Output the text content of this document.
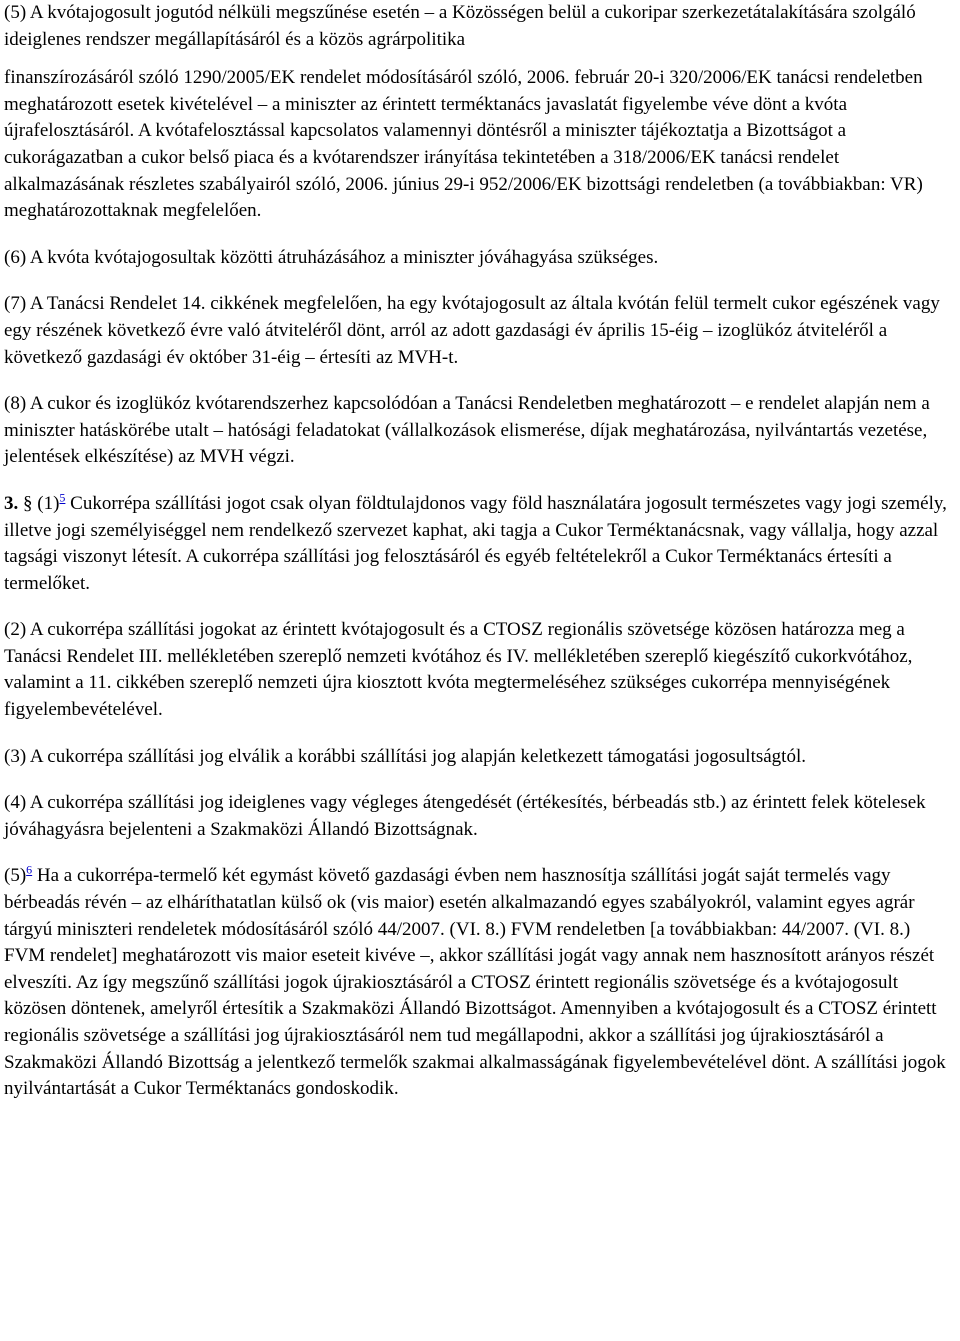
(5) A kvótajogosult jogutód nélküli megszűnése esetén – a Közösségen belül a cukoripar szerkezetátalakítására szolgáló ideiglenes rendszer megállapításáról és a közös agrárpolitika

finanszírozásáról szóló 1290/2005/EK rendelet módosításáról szóló, 2006. február 20-i 320/2006/EK tanácsi rendeletben meghatározott esetek kivételével – a miniszter az érintett terméktanács javaslatát figyelembe véve dönt a kvóta újrafelosztásáról. A kvótafelosztással kapcsolatos valamennyi döntésről a miniszter tájékoztatja a Bizottságot a cukorágazatban a cukor belső piaca és a kvótarendszer irányítása tekintetében a 318/2006/EK tanácsi rendelet alkalmazásának részletes szabályairól szóló, 2006. június 29-i 952/2006/EK bizottsági rendeletben (a továbbiakban: VR) meghatározottaknak megfelelően.

(6) A kvóta kvótajogosultak közötti átruházásához a miniszter jóváhagyása szükséges.

(7) A Tanácsi Rendelet 14. cikkének megfelelően, ha egy kvótajogosult az általa kvótán felül termelt cukor egészének vagy egy részének következő évre való átviteléről dönt, arról az adott gazdasági év április 15-éig – izoglükóz átviteléről a következő gazdasági év október 31-éig – értesíti az MVH-t.

(8) A cukor és izoglükóz kvótarendszerhez kapcsolódóan a Tanácsi Rendeletben meghatározott – e rendelet alapján nem a miniszter hatáskörébe utalt – hatósági feladatokat (vállalkozások elismerése, díjak meghatározása, nyilvántartás vezetése, jelentések elkészítése) az MVH végzi.

3. § (1)$^5$ Cukorrépa szállítási jogot csak olyan földtulajdonos vagy föld használatára jogosult természetes vagy jogi személy, illetve jogi személyiséggel nem rendelkező szervezet kaphat, aki tagja a Cukor Terméktanácsnak, vagy vállalja, hogy azzal tagsági viszonyt létesít. A cukorrépa szállítási jog felosztásáról és egyéb feltételekről a Cukor Terméktanács értesíti a termelőket.

(2) A cukorrépa szállítási jogokat az érintett kvótajogosult és a CTOSZ regionális szövetsége közösen határozza meg a Tanácsi Rendelet III. mellékletében szereplő nemzeti kvótához és IV. mellékletében szereplő kiegészítő cukorkvótához, valamint a 11. cikkében szereplő nemzeti újra kiosztott kvóta megtermeléséhez szükséges cukorrépa mennyiségének figyelembevételével.

(3) A cukorrépa szállítási jog elválik a korábbi szállítási jog alapján keletkezett támogatási jogosultságtól.

(4) A cukorrépa szállítási jog ideiglenes vagy végleges átengedését (értékesítés, bérbeadás stb.) az érintett felek kötelesek jóváhagyásra bejelenteni a Szakmaközi Állandó Bizottságnak.

(5)$^6$ Ha a cukorrépa-termelő két egymást követő gazdasági évben nem hasznosítja szállítási jogát saját termelés vagy bérbeadás révén – az elháríthatatlan külső ok (vis maior) esetén alkalmazandó egyes szabályokról, valamint egyes agrár tárgyú miniszteri rendeletek módosításáról szóló 44/2007. (VI. 8.) FVM rendeletben [a továbbiakban: 44/2007. (VI. 8.) FVM rendelet] meghatározott vis maior eseteit kivéve –, akkor szállítási jogát vagy annak nem hasznosított arányos részét elveszíti. Az így megszűnő szállítási jogok újrakiosztásáról a CTOSZ érintett regionális szövetsége és a kvótajogosult közösen döntenek, amelyről értesítik a Szakmaközi Állandó Bizottságot. Amennyiben a kvótajogosult és a CTOSZ érintett regionális szövetsége a szállítási jog újrakiosztásáról nem tud megállapodni, akkor a szállítási jog újrakiosztásáról a Szakmaközi Állandó Bizottság a jelentkező termelők szakmai alkalmasságának figyelembevételével dönt. A szállítási jogok nyilvántartását a Cukor Terméktanács gondoskodik.
